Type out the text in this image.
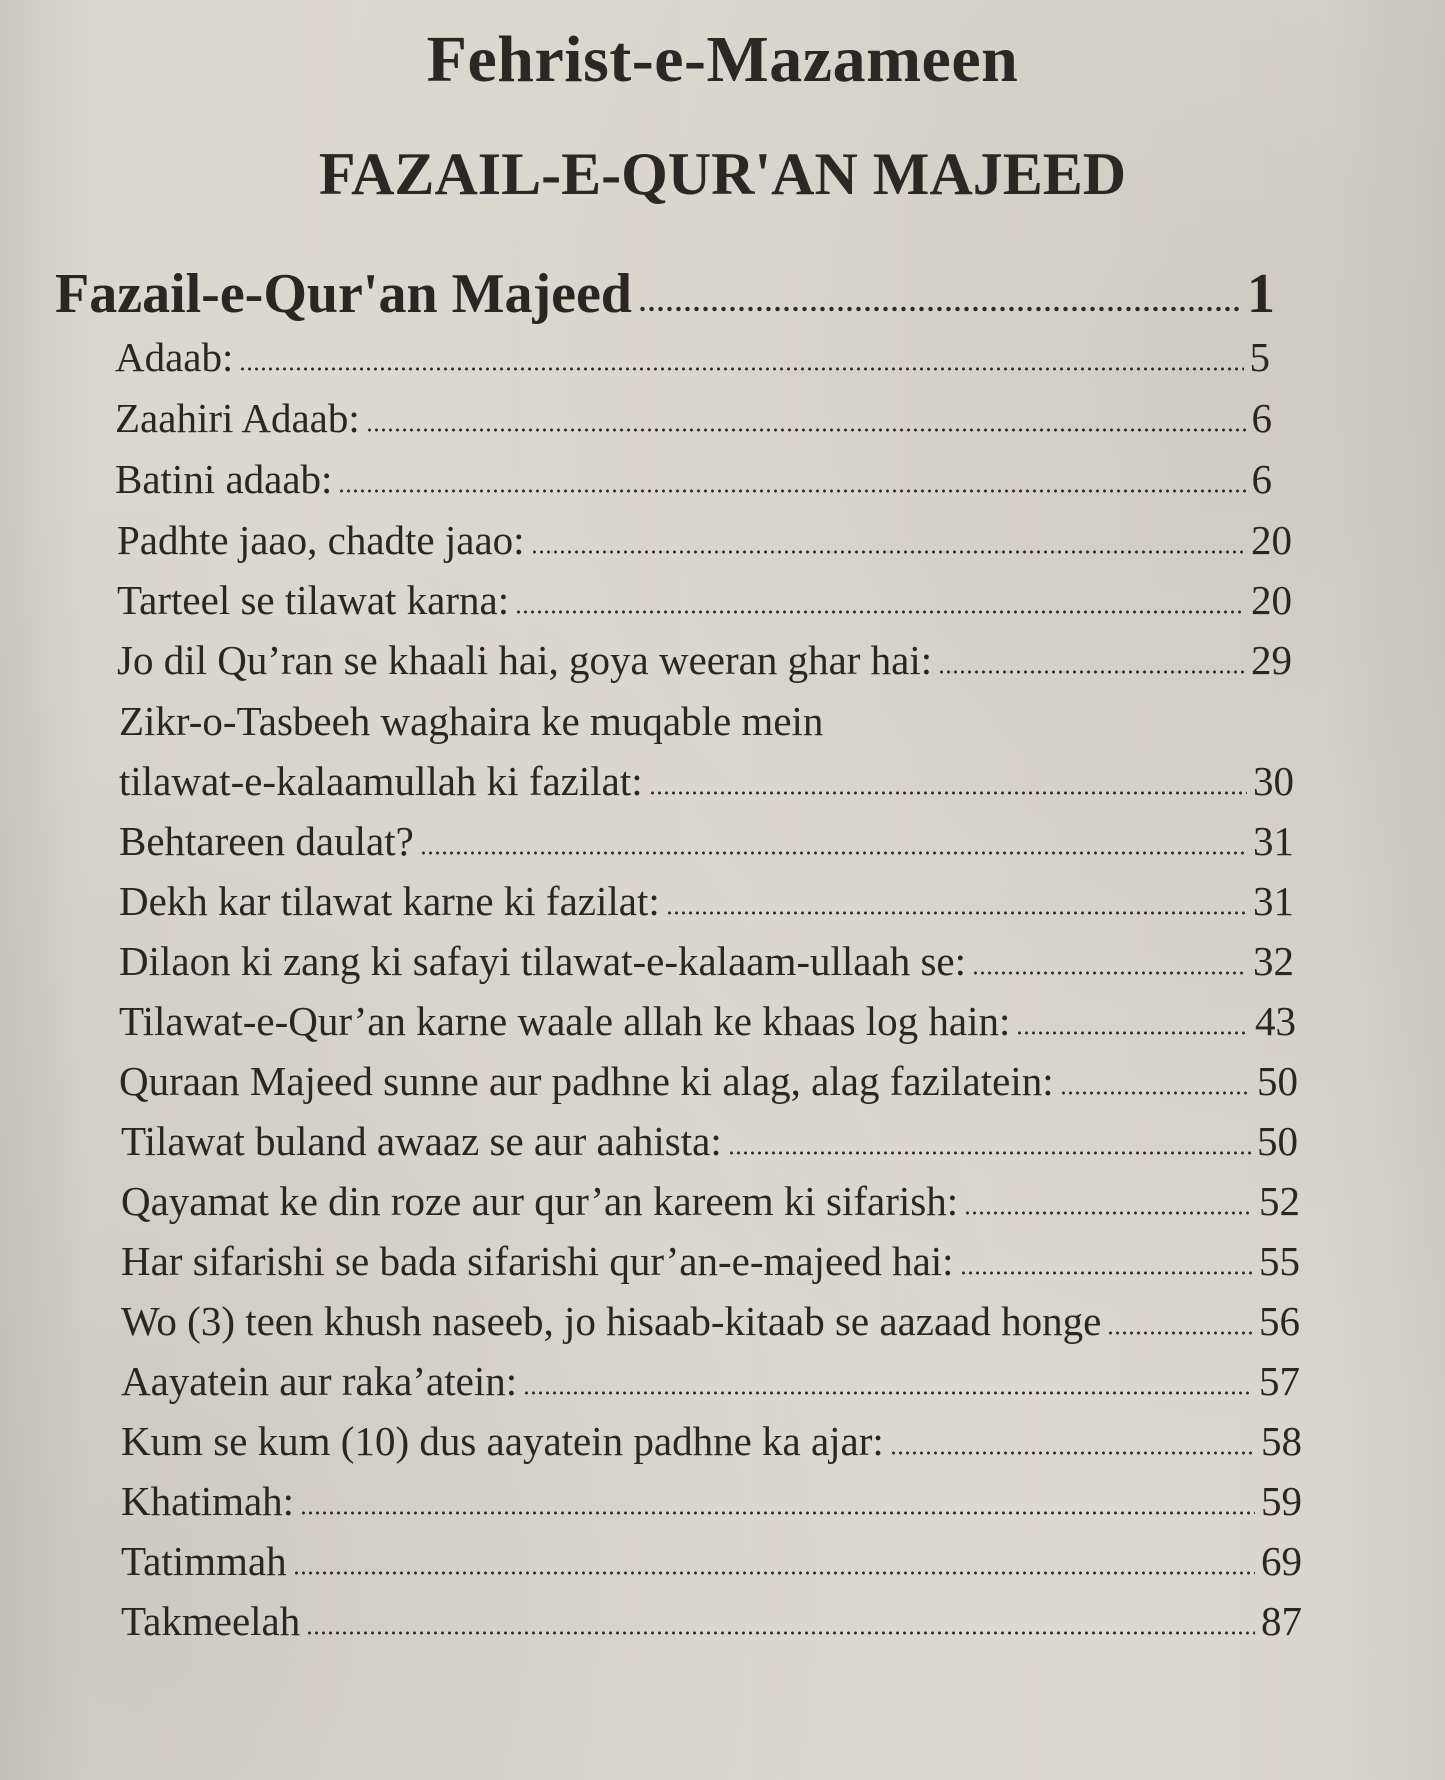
Fehrist-e-Mazameen
FAZAIL-E-QUR'AN MAJEED
Fazail-e-Qur'an Majeed	1
Adaab:	5
Zaahiri Adaab:	6
Batini adaab:	6
Padhte jaao, chadte jaao:	20
Tarteel se tilawat karna:	20
Jo dil Qu’ran se khaali hai, goya weeran ghar hai:	29
Zikr-o-Tasbeeh waghaira ke muqable mein
tilawat-e-kalaamullah ki fazilat:	30
Behtareen daulat?	31
Dekh kar tilawat karne ki fazilat:	31
Dilaon ki zang ki safayi tilawat-e-kalaam-ullaah se:	32
Tilawat-e-Qur’an karne waale allah ke khaas log hain:	43
Quraan Majeed sunne aur padhne ki alag, alag fazilatein:	50
Tilawat buland awaaz se aur aahista:	50
Qayamat ke din roze aur qur’an kareem ki sifarish:	52
Har sifarishi se bada sifarishi qur’an-e-majeed hai:	55
Wo (3) teen khush naseeb, jo hisaab-kitaab se aazaad honge	56
Aayatein aur raka’atein:	57
Kum se kum (10) dus aayatein padhne ka ajar:	58
Khatimah:	59
Tatimmah	69
Takmeelah	87
